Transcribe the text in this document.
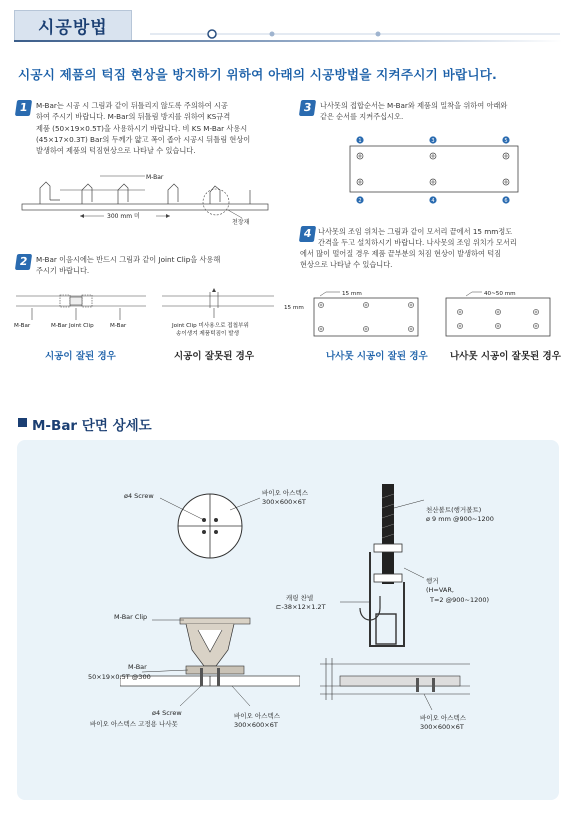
시공방법
시공시 제품의 턱짐 현상을 방지하기 위하여 아래의 시공방법을 지켜주시기 바랍니다.
1	M-Bar는 시공 시 그림과 같이 뒤틀리지 않도록 주의하여 시공
하여 주시기 바랍니다. M-Bar의 뒤틀림 방지를 위하여 KS규격
제품 (50×19×0.5T)을 사용하시기 바랍니다. 비 KS M-Bar 사용시
(45×17×0.3T) Bar의 두께가 얇고 폭이 좁아 시공시 뒤틀림 현상이
발생하여 제품의 턱짐현상으로 나타날 수 있습니다.
M-Bar
300 mm 미
천장재
2	M-Bar 이음시에는 반드시 그림과 같이 Joint Clip을 사용해
주시기 바랍니다.
M-Bar	M-Bar Joint Clip	M-Bar	Joint Clip 미사용으로 접첩부위
송이생겨 제품턱짐이 발생
시공이 잘된 경우	시공이 잘못된 경우
3	나사못의 접합순서는 M-Bar와 제품의 밀착을 위하여 아래와
같은 순서를 지켜주십시오.
1	3	5
2	4	6
4 나사못의 조임 위치는 그림과 같이 모서리 끝에서 15 mm정도
간격을 두고 설치하시기 바랍니다. 나사못의 조임 위치가 모서리
에서 많이 떨어질 경우 제품 끝부분의 처짐 현상이 발생하여 턱짐
현상으로 나타날 수 있습니다.
15 mm
15 mm
40~50 mm
나사못 시공이 잘된 경우 나사못 시공이 잘못된 경우
M-Bar 단면 상세도
ø4 Screw	바이오 아스텍스
300×600×6T
M-Bar Clip
M-Bar
50×19×0.5T @300
ø4 Screw
바이오 아스텍스 고정용 나사못
바이오 아스텍스
300×600×6T
천산볼트(행거볼트)
ø 9 mm @900~1200
행거
(H=VAR,
T=2 @900~1200)
캐링 찬넬
⊏-38×12×1.2T
바이오 아스텍스
300×600×6T
